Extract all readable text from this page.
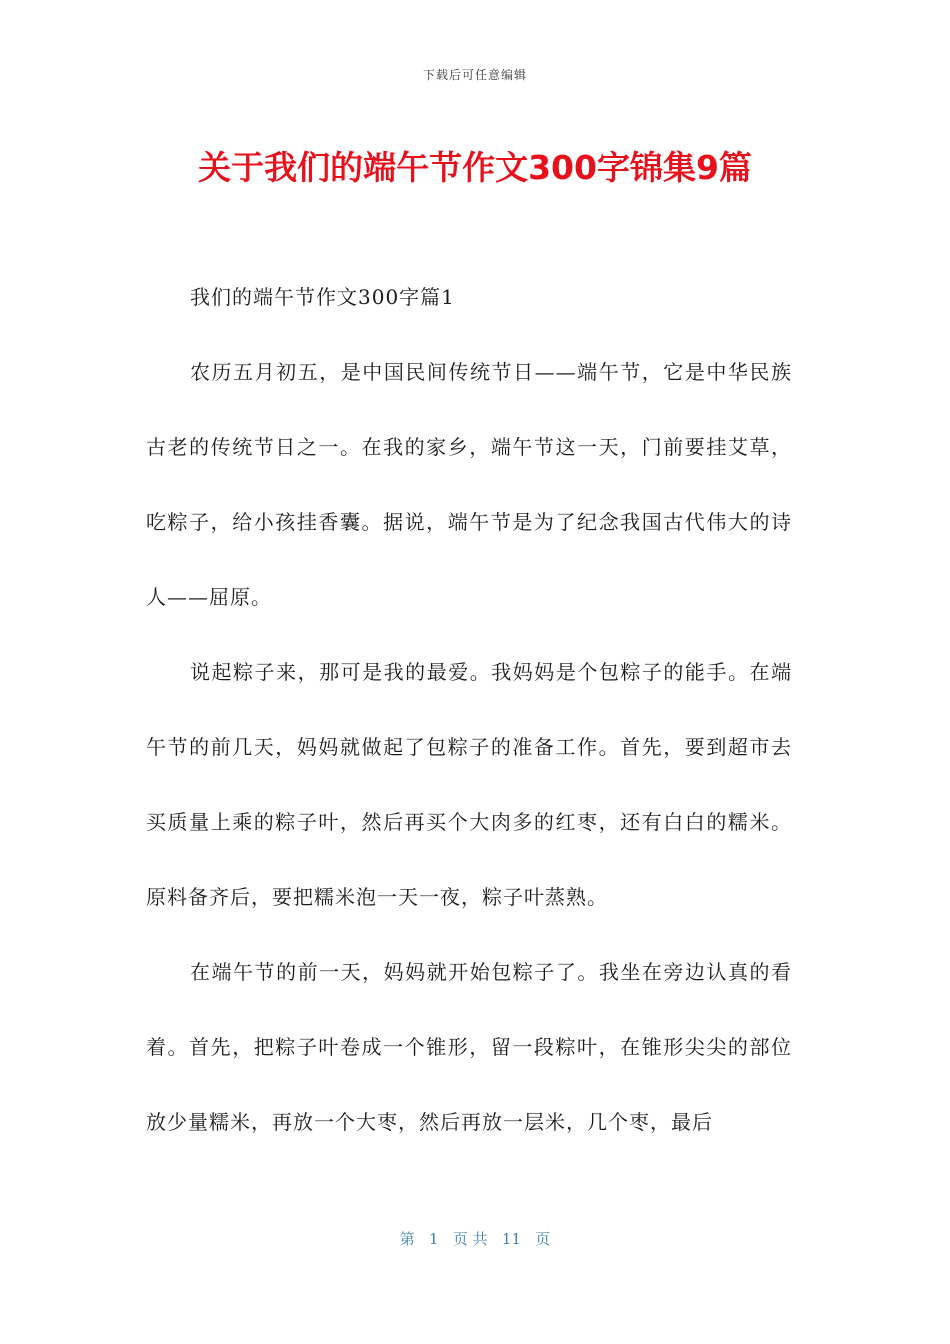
下载后可任意编辑
关于我们的端午节作文300字锦集9篇

我们的端午节作文300字篇1

农历五月初五，是中国民间传统节日——端午节，它是中华民族古老的传统节日之一。在我的家乡，端午节这一天，门前要挂艾草，吃粽子，给小孩挂香囊。据说，端午节是为了纪念我国古代伟大的诗人——屈原。

说起粽子来，那可是我的最爱。我妈妈是个包粽子的能手。在端午节的前几天，妈妈就做起了包粽子的准备工作。首先，要到超市去买质量上乘的粽子叶，然后再买个大肉多的红枣，还有白白的糯米。原料备齐后，要把糯米泡一天一夜，粽子叶蒸熟。

在端午节的前一天，妈妈就开始包粽子了。我坐在旁边认真的看着。首先，把粽子叶卷成一个锥形，留一段粽叶，在锥形尖尖的部位放少量糯米，再放一个大枣，然后再放一层米，几个枣，最后

第   1   页 共   11   页
